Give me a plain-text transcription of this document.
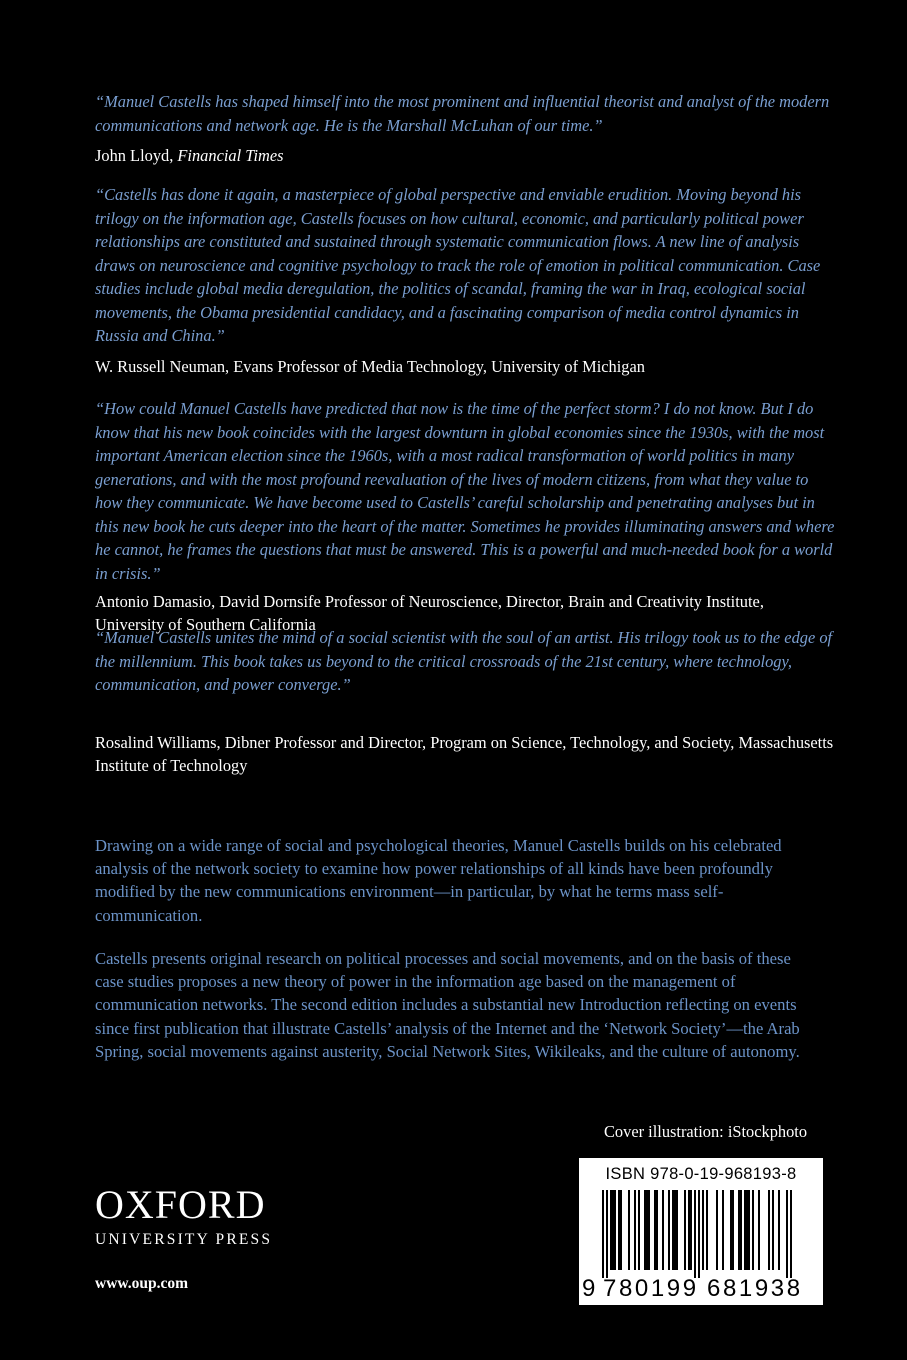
“Manuel Castells has shaped himself into the most prominent and influential theorist and analyst of the modern communications and network age. He is the Marshall McLuhan of our time.”

John Lloyd, Financial Times

“Castells has done it again, a masterpiece of global perspective and enviable erudition. Moving beyond his trilogy on the information age, Castells focuses on how cultural, economic, and particularly political power relationships are constituted and sustained through systematic communication flows. A new line of analysis draws on neuroscience and cognitive psychology to track the role of emotion in political communication. Case studies include global media deregulation, the politics of scandal, framing the war in Iraq, ecological social movements, the Obama presidential candidacy, and a fascinating comparison of media control dynamics in Russia and China.”

W. Russell Neuman, Evans Professor of Media Technology, University of Michigan

“How could Manuel Castells have predicted that now is the time of the perfect storm? I do not know. But I do know that his new book coincides with the largest downturn in global economies since the 1930s, with the most important American election since the 1960s, with a most radical transformation of world politics in many generations, and with the most profound reevaluation of the lives of modern citizens, from what they value to how they communicate. We have become used to Castells’ careful scholarship and penetrating analyses but in this new book he cuts deeper into the heart of the matter. Sometimes he provides illuminating answers and where he cannot, he frames the questions that must be answered. This is a powerful and much-needed book for a world in crisis.”

Antonio Damasio, David Dornsife Professor of Neuroscience, Director, Brain and Creativity Institute, University of Southern California

“Manuel Castells unites the mind of a social scientist with the soul of an artist. His trilogy took us to the edge of the millennium. This book takes us beyond to the critical crossroads of the 21st century, where technology, communication, and power converge.”

Rosalind Williams, Dibner Professor and Director, Program on Science, Technology, and Society, Massachusetts Institute of Technology

Drawing on a wide range of social and psychological theories, Manuel Castells builds on his celebrated analysis of the network society to examine how power relationships of all kinds have been profoundly modified by the new communications environment—in particular, by what he terms mass self-communication.

Castells presents original research on political processes and social movements, and on the basis of these case studies proposes a new theory of power in the information age based on the management of communication networks. The second edition includes a substantial new Introduction reflecting on events since first publication that illustrate Castells’ analysis of the Internet and the ‘Network Society’—the Arab Spring, social movements against austerity, Social Network Sites, Wikileaks, and the culture of autonomy.

Cover illustration: iStockphoto
OXFORD
UNIVERSITY PRESS
www.oup.com
ISBN 978-0-19-968193-8
9 780199 681938
